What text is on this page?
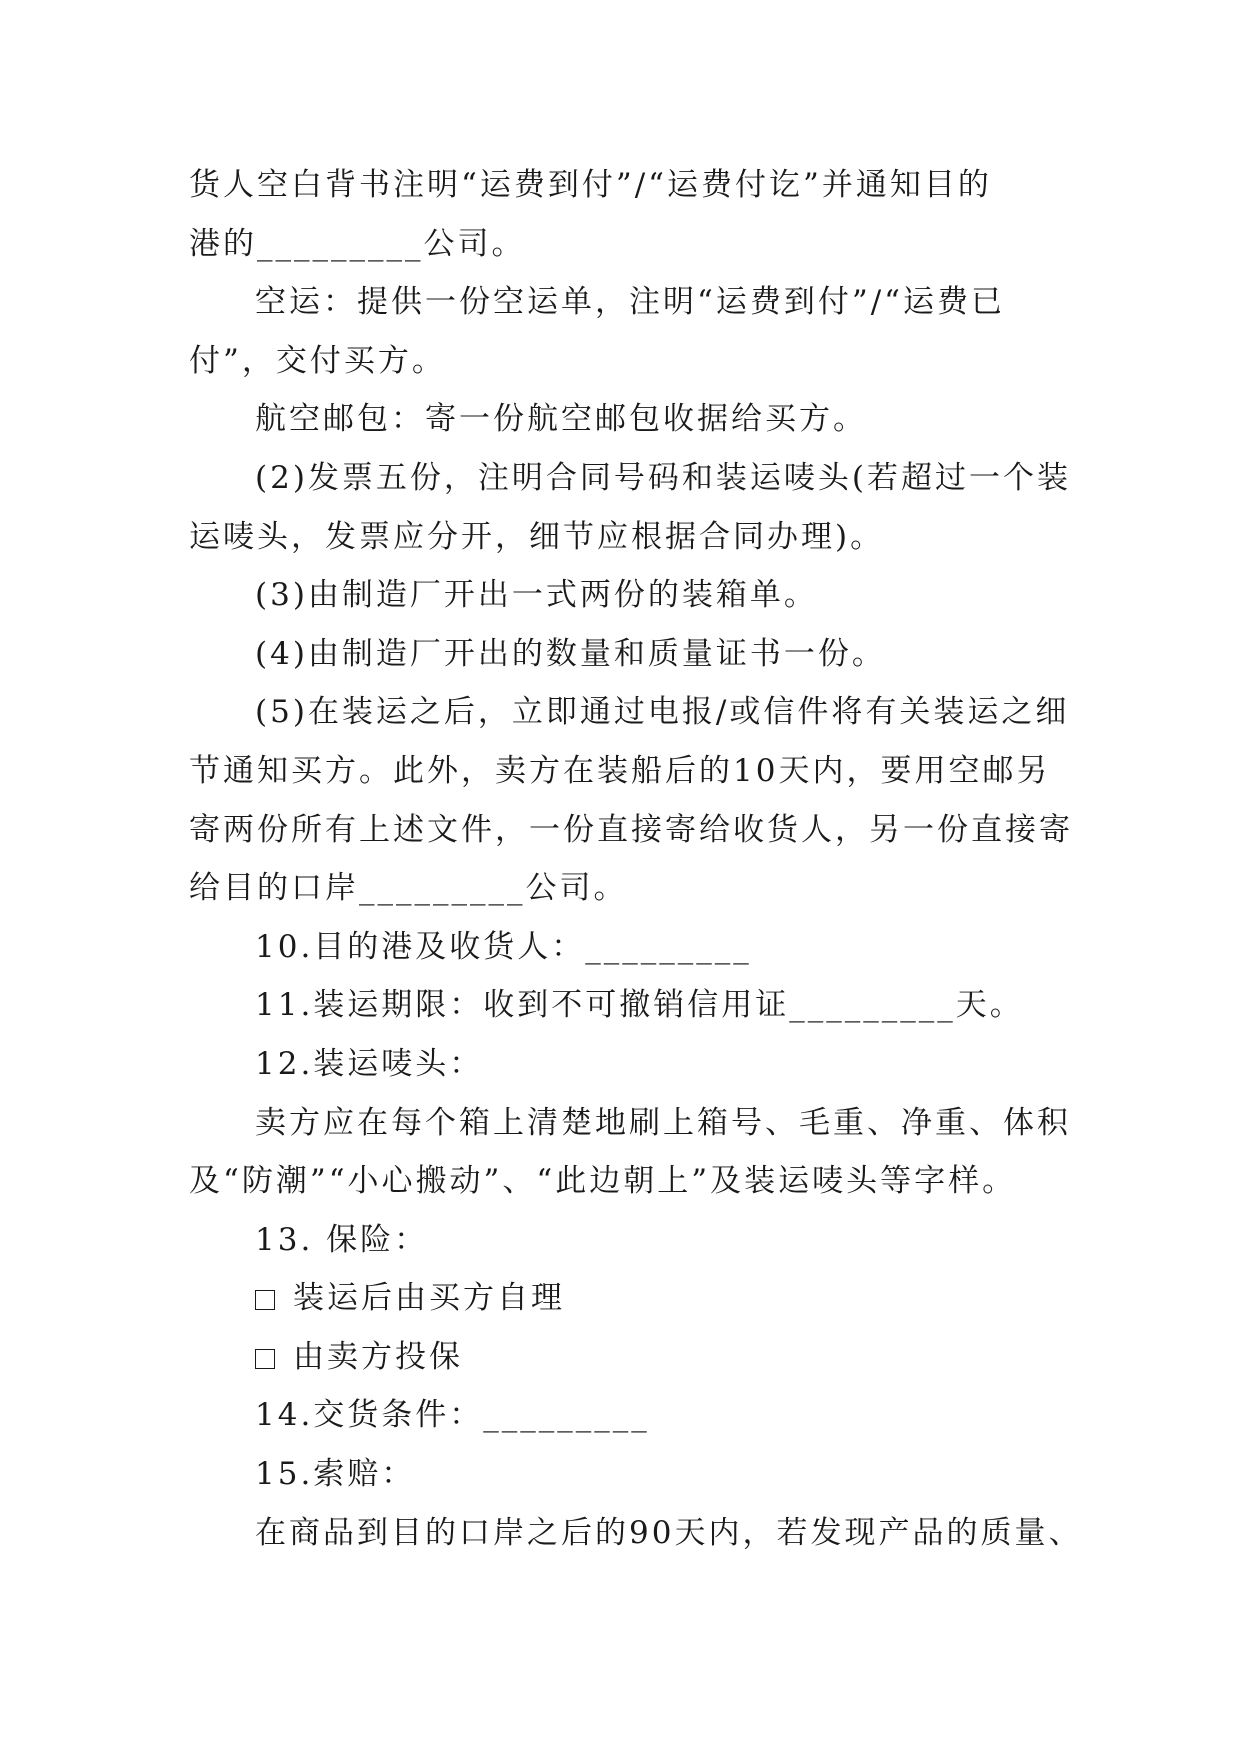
货人空白背书注明“运费到付”/“运费付讫”并通知目的
港的_________公司。
空运：提供一份空运单，注明“运费到付”/“运费已
付”，交付买方。
航空邮包：寄一份航空邮包收据给买方。
(2)发票五份，注明合同号码和装运唛头(若超过一个装
运唛头，发票应分开，细节应根据合同办理)。
(3)由制造厂开出一式两份的装箱单。
(4)由制造厂开出的数量和质量证书一份。
(5)在装运之后，立即通过电报/或信件将有关装运之细
节通知买方。此外，卖方在装船后的10天内，要用空邮另
寄两份所有上述文件，一份直接寄给收货人，另一份直接寄
给目的口岸_________公司。
10.目的港及收货人：_________
11.装运期限：收到不可撤销信用证_________天。
12.装运唛头：
卖方应在每个箱上清楚地刷上箱号、毛重、净重、体积
及“防潮”“小心搬动”、“此边朝上”及装运唛头等字样。
13. 保险：
装运后由买方自理
由卖方投保
14.交货条件：_________
15.索赔：
在商品到目的口岸之后的90天内，若发现产品的质量、
